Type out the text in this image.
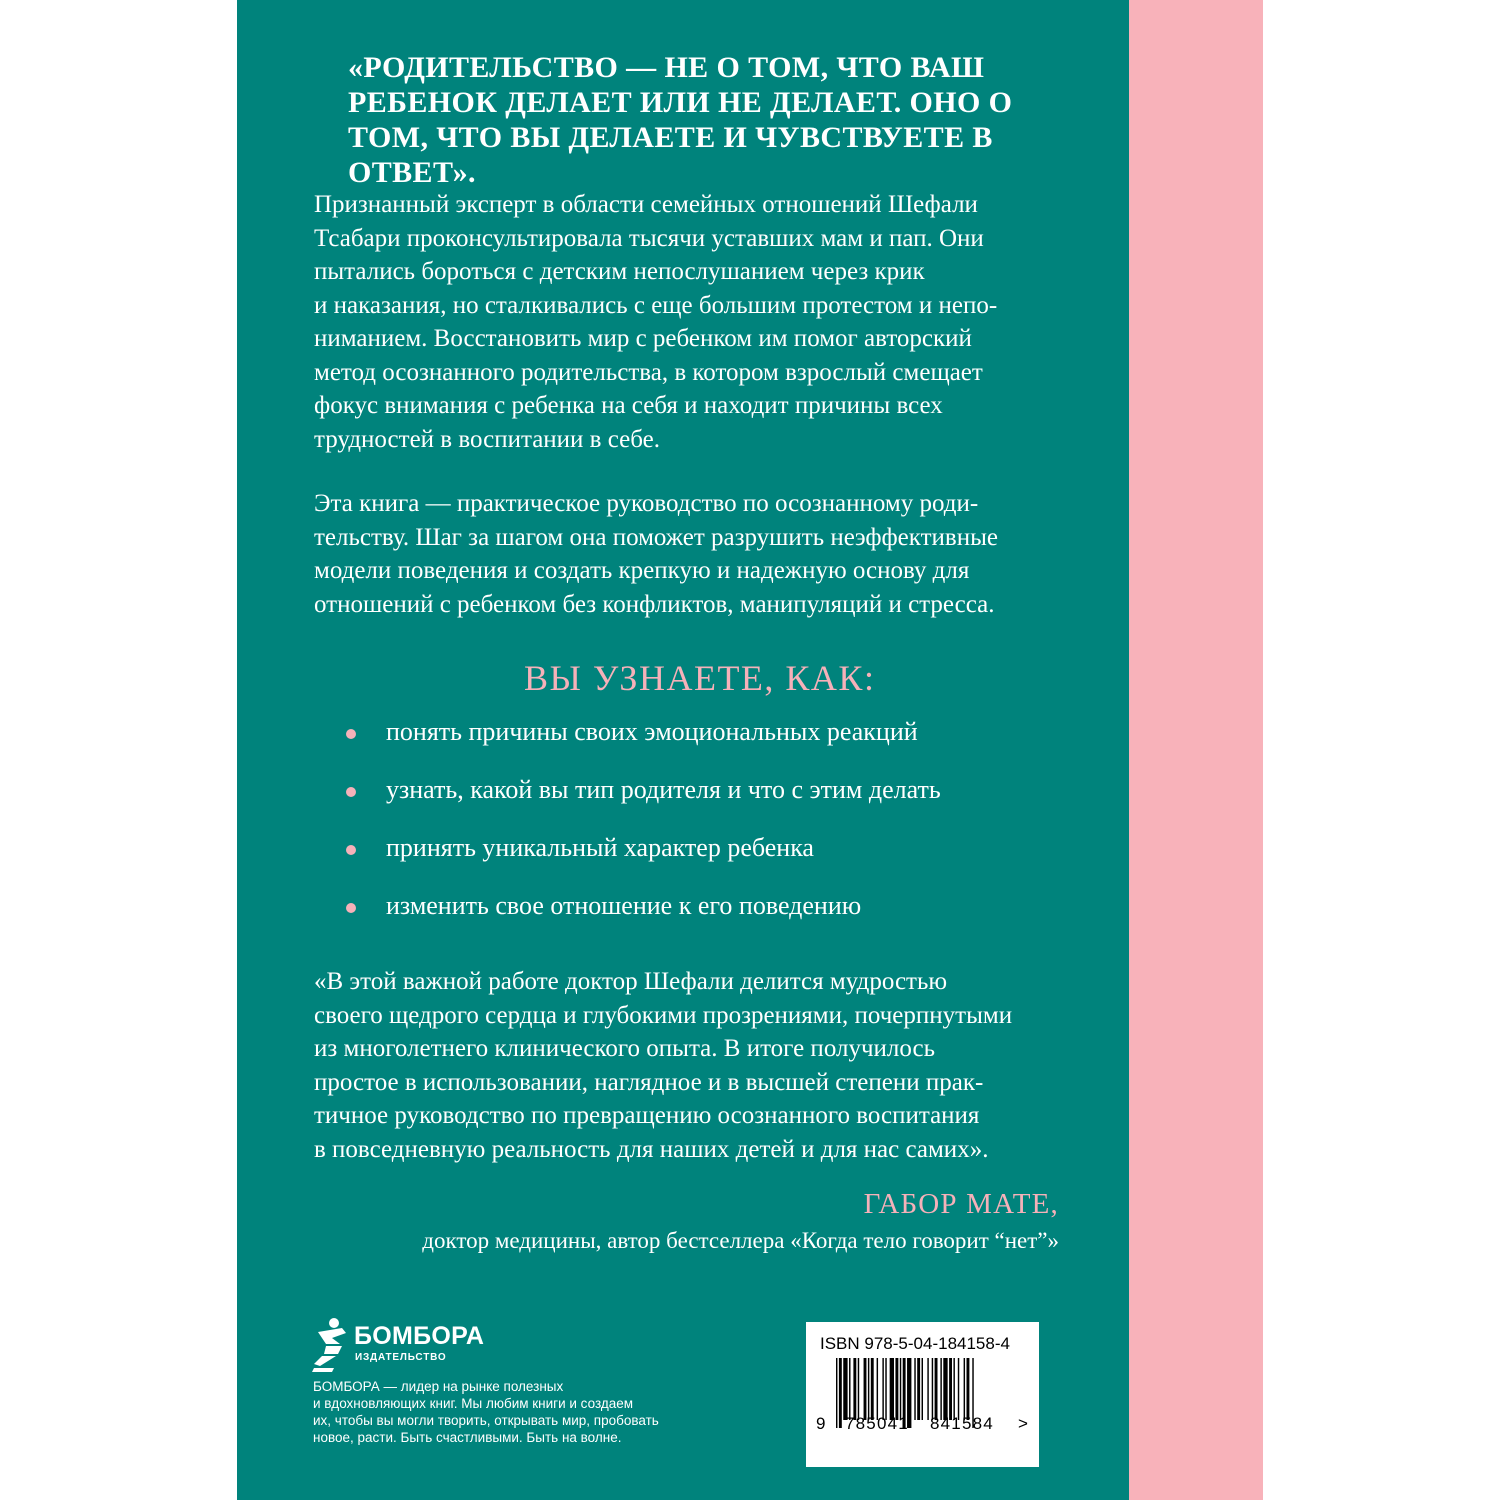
«РОДИТЕЛЬСТВО — НЕ О ТОМ, ЧТО ВАШ РЕБЕНОК ДЕЛАЕТ ИЛИ НЕ ДЕЛАЕТ. ОНО О ТОМ, ЧТО ВЫ ДЕЛАЕТЕ И ЧУВСТВУЕТЕ В ОТВЕТ».

Признанный эксперт в области семейных отношений Шефали
Тсабари проконсультировала тысячи уставших мам и пап. Они
пытались бороться с детским непослушанием через крик
и наказания, но сталкивались с еще большим протестом и непо-
ниманием. Восстановить мир с ребенком им помог авторский
метод осознанного родительства, в котором взрослый смещает
фокус внимания с ребенка на себя и находит причины всех
трудностей в воспитании в себе.

Эта книга — практическое руководство по осознанному роди-
тельству. Шаг за шагом она поможет разрушить неэффективные
модели поведения и создать крепкую и надежную основу для
отношений с ребенком без конфликтов, манипуляций и стресса.

ВЫ УЗНАЕТЕ, КАК:
понять причины своих эмоциональных реакций
узнать, какой вы тип родителя и что с этим делать
принять уникальный характер ребенка
изменить свое отношение к его поведению

«В этой важной работе доктор Шефали делится мудростью
своего щедрого сердца и глубокими прозрениями, почерпнутыми
из многолетнего клинического опыта. В итоге получилось
простое в использовании, наглядное и в высшей степени прак-
тичное руководство по превращению осознанного воспитания
в повседневную реальность для наших детей и для нас самих».

ГАБОР МАТЕ,

доктор медицины, автор бестселлера «Когда тело говорит “нет”»

БОМБОРА
ИЗДАТЕЛЬСТВО

БОМБОРА — лидер на рынке полезных
и вдохновляющих книг. Мы любим книги и создаем
их, чтобы вы могли творить, открывать мир, пробовать
новое, расти. Быть счастливыми. Быть на волне.

ISBN 978-5-04-184158-4
9 785041 841584 >
